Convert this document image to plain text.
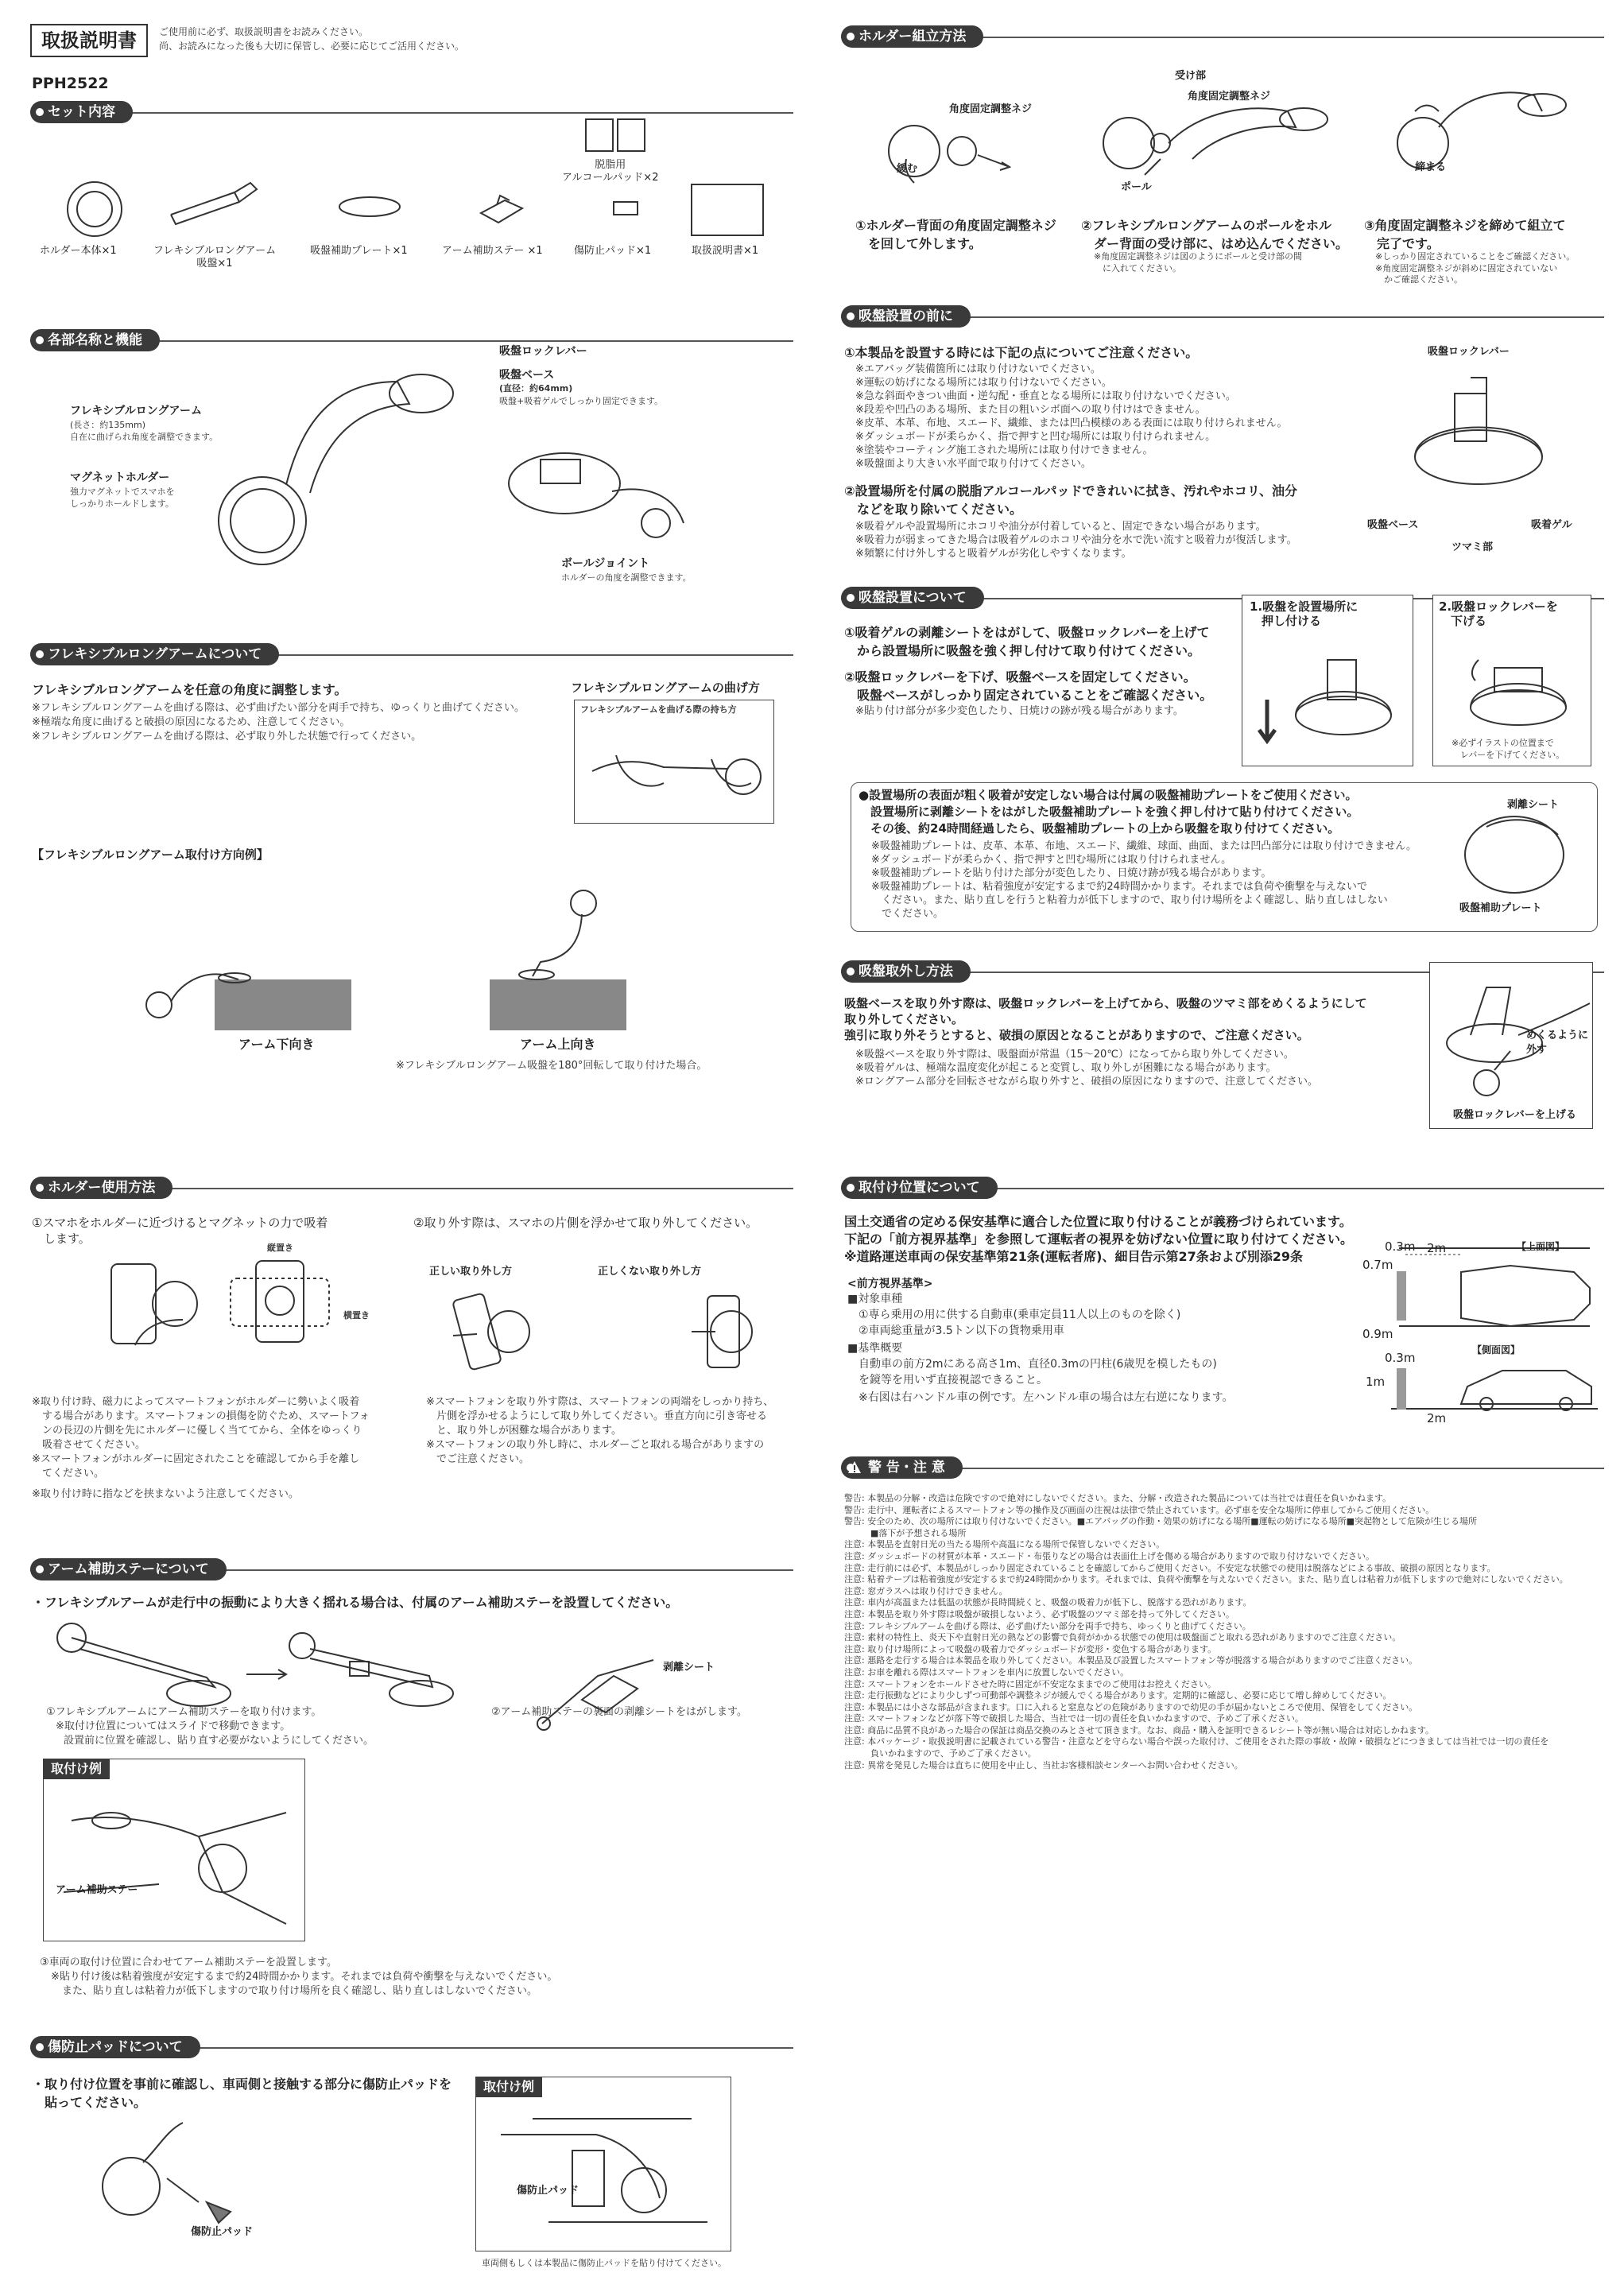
取扱説明書	ご使用前に必ず、取扱説明書をお読みください。
尚、お読みになった後も大切に保管し、必要に応じてご活用ください。
PPH2522
セット内容
脱脂用
アルコールパッド×2
ホルダー本体×1	フレキシブルロングアーム
吸盤×1
吸盤補助プレート×1	アーム補助ステー ×1	傷防止パッド×1	取扱説明書×1
各部名称と機能
吸盤ロックレバー
吸盤ベース
(直径：約64mm)
吸盤+吸着ゲルでしっかり固定できます。
フレキシブルロングアーム
(長さ：約135mm)
自在に曲げられ角度を調整できます。
マグネットホルダー
強力マグネットでスマホを
しっかりホールドします。
ボールジョイント
ホルダーの角度を調整できます。
フレキシブルロングアームについて
フレキシブルロングアームを任意の角度に調整します。
※フレキシブルロングアームを曲げる際は、必ず曲げたい部分を両手で持ち、ゆっくりと曲げてください。
※極端な角度に曲げると破損の原因になるため、注意してください。
※フレキシブルロングアームを曲げる際は、必ず取り外した状態で行ってください。
フレキシブルロングアームの曲げ方
フレキシブルアームを曲げる際の持ち方
【フレキシブルロングアーム取付け方向例】
アーム下向き	アーム上向き
※フレキシブルロングアーム吸盤を180°回転して取り付けた場合。
ホルダー使用方法
①スマホをホルダーに近づけるとマグネットの力で吸着
　します。
縦置き
横置き
②取り外す際は、スマホの片側を浮かせて取り外してください。
正しい取り外し方	正しくない取り外し方
※取り付け時、磁力によってスマートフォンがホルダーに勢いよく吸着
　する場合があります。スマートフォンの損傷を防ぐため、スマートフォ
　ンの長辺の片側を先にホルダーに優しく当ててから、全体をゆっくり
　吸着させてください。
※スマートフォンがホルダーに固定されたことを確認してから手を離し
　てください。
※取り付け時に指などを挟まないよう注意してください。
※スマートフォンを取り外す際は、スマートフォンの両端をしっかり持ち、
　片側を浮かせるようにして取り外してください。垂直方向に引き寄せる
　と、取り外しが困難な場合があります。
※スマートフォンの取り外し時に、ホルダーごと取れる場合がありますの
　でご注意ください。
アーム補助ステーについて
・フレキシブルアームが走行中の振動により大きく揺れる場合は、付属のアーム補助ステーを設置してください。
剥離シート
①フレキシブルアームにアーム補助ステーを取り付けます。
※取付け位置についてはスライドで移動できます。
設置前に位置を確認し、貼り直す必要がないようにしてください。
②アーム補助ステーの裏面の剥離シートをはがします。
取付け例
アーム補助ステー
③車両の取付け位置に合わせてアーム補助ステーを設置します。
※貼り付け後は粘着強度が安定するまで約24時間かかります。それまでは負荷や衝撃を与えないでください。
また、貼り直しは粘着力が低下しますので取り付け場所を良く確認し、貼り直しはしないでください。
傷防止パッドについて
・取り付け位置を事前に確認し、車両側と接触する部分に傷防止パッドを
　貼ってください。
傷防止パッド
取付け例
傷防止パッド
車両側もしくは本製品に傷防止パッドを貼り付けてください。
ホルダー組立方法
角度固定調整ネジ
緩む
受け部
角度固定調整ネジ
ポール
締まる
①ホルダー背面の角度固定調整ネジ
　を回して外します。
②フレキシブルロングアームのポールをホル
　ダー背面の受け部に、はめ込んでください。
※角度固定調整ネジは図のようにポールと受け部の間
　に入れてください。
③角度固定調整ネジを締めて組立て
　完了です。
※しっかり固定されていることをご確認ください。
※角度固定調整ネジが斜めに固定されていない
　かご確認ください。
吸盤設置の前に
①本製品を設置する時には下記の点についてご注意ください。
※エアバッグ装備箇所には取り付けないでください。
※運転の妨げになる場所には取り付けないでください。
※急な斜面やきつい曲面・逆勾配・垂直となる場所には取り付けないでください。
※段差や凹凸のある場所、また目の粗いシボ面への取り付けはできません。
※皮革、本革、布地、スエード、繊維、または凹凸模様のある表面には取り付けられません。
※ダッシュボードが柔らかく、指で押すと凹む場所には取り付けられません。
※塗装やコーティング施工された場所には取り付けできません。
※吸盤面より大きい水平面で取り付けてください。
②設置場所を付属の脱脂アルコールパッドできれいに拭き、汚れやホコリ、油分
　などを取り除いてください。
※吸着ゲルや設置場所にホコリや油分が付着していると、固定できない場合があります。
※吸着力が弱まってきた場合は吸着ゲルのホコリや油分を水で洗い流すと吸着力が復活します。
※頻繁に付け外しすると吸着ゲルが劣化しやすくなります。
吸盤ロックレバー
吸盤ベース	吸着ゲル
ツマミ部
吸盤設置について
①吸着ゲルの剥離シートをはがして、吸盤ロックレバーを上げて
　から設置場所に吸盤を強く押し付けて取り付けてください。
②吸盤ロックレバーを下げ、吸盤ベースを固定してください。
　吸盤ベースがしっかり固定されていることをご確認ください。
※貼り付け部分が多少変色したり、日焼けの跡が残る場合があります。
1.吸盤を設置場所に
　押し付ける
2.吸盤ロックレバーを
　下げる
※必ずイラストの位置まで
　レバーを下げてください。
●設置場所の表面が粗く吸着が安定しない場合は付属の吸盤補助プレートをご使用ください。
　設置場所に剥離シートをはがした吸盤補助プレートを強く押し付けて貼り付けてください。
　その後、約24時間経過したら、吸盤補助プレートの上から吸盤を取り付けてください。
※吸盤補助プレートは、皮革、本革、布地、スエード、繊維、球面、曲面、または凹凸部分には取り付けできません。
※ダッシュボードが柔らかく、指で押すと凹む場所には取り付けられません。
※吸盤補助プレートを貼り付けた部分が変色したり、日焼け跡が残る場合があります。
※吸盤補助プレートは、粘着強度が安定するまで約24時間かかります。それまでは負荷や衝撃を与えないで
　ください。また、貼り直しを行うと粘着力が低下しますので、取り付け場所をよく確認し、貼り直しはしない
　でください。
剥離シート
吸盤補助プレート
吸盤取外し方法
吸盤ベースを取り外す際は、吸盤ロックレバーを上げてから、吸盤のツマミ部をめくるようにして
取り外してください。
強引に取り外そうとすると、破損の原因となることがありますので、ご注意ください。
※吸盤ベースを取り外す際は、吸盤面が常温（15～20℃）になってから取り外してください。
※吸着ゲルは、極端な温度変化が起こると変質し、取り外しが困難になる場合があります。
※ロングアーム部分を回転させながら取り外すと、破損の原因になりますので、注意してください。
めくるように
外す
吸盤ロックレバーを上げる
取付け位置について
国土交通省の定める保安基準に適合した位置に取り付けることが義務づけられています。
下記の「前方視界基準」を参照して運転者の視界を妨げない位置に取り付けてください。
※道路運送車両の保安基準第21条(運転者席)、細目告示第27条および別添29条
<前方視界基準>
■対象車種
①専ら乗用の用に供する自動車(乗車定員11人以上のものを除く)
②車両総重量が3.5トン以下の貨物乗用車
■基準概要
自動車の前方2mにある高さ1m、直径0.3mの円柱(6歳児を模したもの)
を鏡等を用いず直接視認できること。
※右図は右ハンドル車の例です。左ハンドル車の場合は左右逆になります。
【上面図】
0.3m 2m
0.7m
0.9m
【側面図】
0.3m
1m
2m
警 告・注 意
警告: 本製品の分解・改造は危険ですので絶対にしないでください。また、分解・改造された製品については当社では責任を負いかねます。
警告: 走行中、運転者によるスマートフォン等の操作及び画面の注視は法律で禁止されています。必ず車を安全な場所に停車してからご使用ください。
警告: 安全のため、次の場所には取り付けないでください。■エアバッグの作動・効果の妨げになる場所■運転の妨げになる場所■突起物として危険が生じる場所
　　　■落下が予想される場所
注意: 本製品を直射日光の当たる場所や高温になる場所で保管しないでください。
注意: ダッシュボードの材質が本革・スエード・布張りなどの場合は表面仕上げを傷める場合がありますので取り付けないでください。
注意: 走行前には必ず、本製品がしっかり固定されていることを確認してからご使用ください。不安定な状態での使用は脱落などによる事故、破損の原因となります。
注意: 粘着テープは粘着強度が安定するまで約24時間かかります。それまでは、負荷や衝撃を与えないでください。また、貼り直しは粘着力が低下しますので絶対にしないでください。
注意: 窓ガラスへは取り付けできません。
注意: 車内が高温または低温の状態が長時間続くと、吸盤の吸着力が低下し、脱落する恐れがあります。
注意: 本製品を取り外す際は吸盤が破損しないよう、必ず吸盤のツマミ部を持って外してください。
注意: フレキシブルアームを曲げる際は、必ず曲げたい部分を両手で持ち、ゆっくりと曲げてください。
注意: 素材の特性上、炎天下や直射日光の熱などの影響で負荷がかかる状態での使用は吸盤面ごと取れる恐れがありますのでご注意ください。
注意: 取り付け場所によって吸盤の吸着力でダッシュボードが変形・変色する場合があります。
注意: 悪路を走行する場合は本製品を取り外してください。本製品及び設置したスマートフォン等が脱落する場合がありますのでご注意ください。
注意: お車を離れる際はスマートフォンを車内に放置しないでください。
注意: スマートフォンをホールドさせた時に固定が不安定なままでのご使用はお控えください。
注意: 走行振動などにより少しずつ可動部や調整ネジが緩んでくる場合があります。定期的に確認し、必要に応じて増し締めしてください。
注意: 本製品には小さな部品が含まれます。口に入れると窒息などの危険がありますので幼児の手が届かないところで使用、保管をしてください。
注意: スマートフォンなどが落下等で破損した場合、当社では一切の責任を負いかねますので、予めご了承ください。
注意: 商品に品質不良があった場合の保証は商品交換のみとさせて頂きます。なお、商品・購入を証明できるレシート等が無い場合は対応しかねます。
注意: 本パッケージ・取扱説明書に記載されている警告・注意などを守らない場合や誤った取付け、ご使用をされた際の事故・故障・破損などにつきましては当社では一切の責任を
　　　負いかねますので、予めご了承ください。
注意: 異常を発見した場合は直ちに使用を中止し、当社お客様相談センターへお問い合わせください。
